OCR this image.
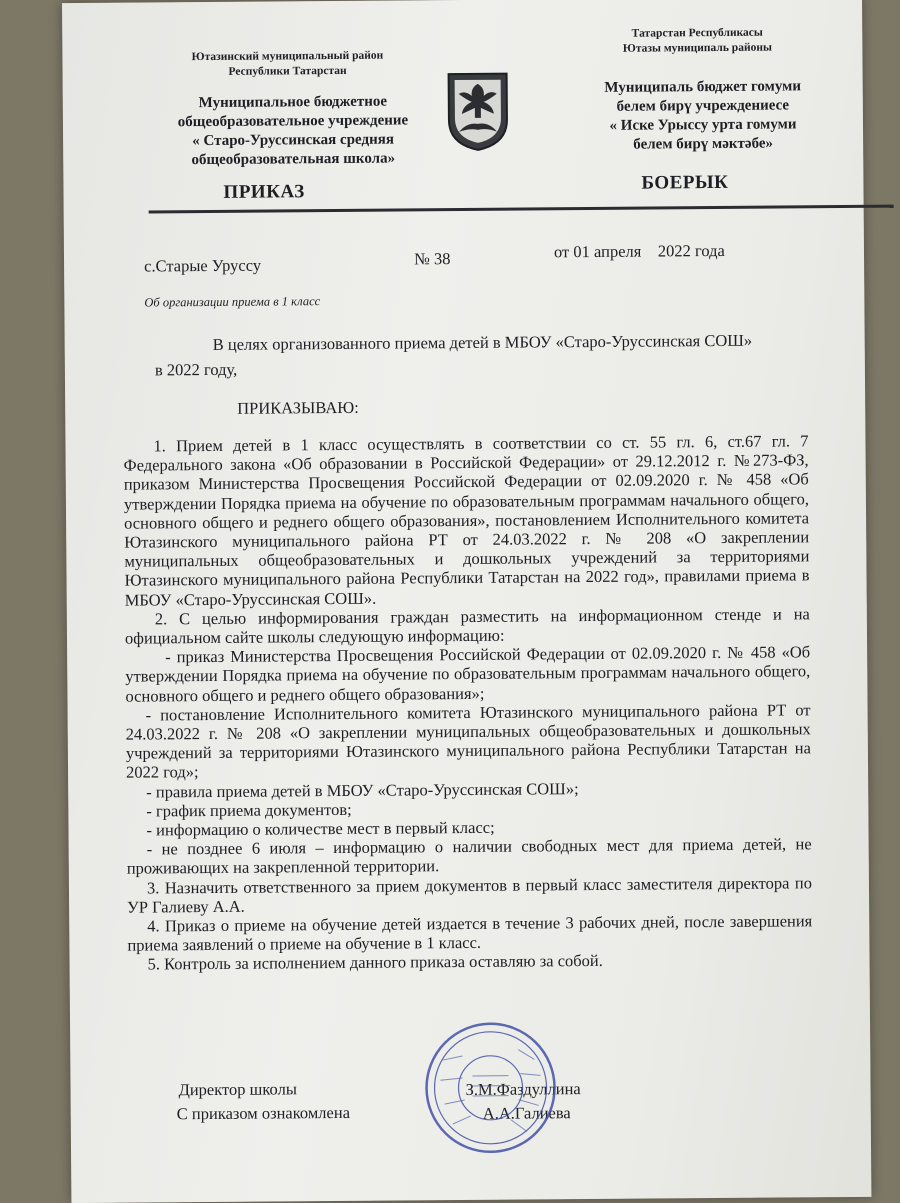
Ютазинский муниципальный район
Республики Татарстан
Муниципальное бюджетное
общеобразовательное учреждение
« Старо-Уруссинская средняя
общеобразовательная школа»
Татарстан Республикасы
Ютазы муниципаль районы
Муниципаль бюджет гомуми
белем бирү учреждениесе
« Иске Урыссу урта гомуми
белем бирү мәктәбе»
ПРИКАЗ	БОЕРЫК
с.Старые Уруссу	№ 38	от 01 апреля    2022 года
Об организации приема в 1 класс
В целях организованного приема детей в МБОУ «Старо-Уруссинская СОШ»
в 2022 году,
ПРИКАЗЫВАЮ:
1. Прием детей в 1 класс осуществлять в соответствии со ст. 55 гл. 6, ст.67 гл. 7 Федерального закона «Об образовании в Российской Федерации» от 29.12.2012 г. №273-ФЗ, приказом Министерства Просвещения Российской Федерации от 02.09.2020 г. № 458 «Об утверждении Порядка приема на обучение по образовательным программам начального общего, основного общего и реднего общего образования», постановлением Исполнительного комитета Ютазинского муниципального района РТ от 24.03.2022 г. № 208 «О закреплении муниципальных общеобразовательных и дошкольных учреждений за территориями Ютазинского муниципального района Республики Татарстан на 2022 год», правилами приема в МБОУ «Старо-Уруссинская СОШ».
2. С целью информирования граждан разместить на информационном стенде и на официальном сайте школы следующую информацию:
- приказ Министерства Просвещения Российской Федерации от 02.09.2020 г. № 458 «Об утверждении Порядка приема на обучение по образовательным программам начального общего, основного общего и реднего общего образования»;
- постановление Исполнительного комитета Ютазинского муниципального района РТ от 24.03.2022 г. № 208 «О закреплении муниципальных общеобразовательных и дошкольных учреждений за территориями Ютазинского муниципального района Республики Татарстан на 2022 год»;
- правила приема детей в МБОУ «Старо-Уруссинская СОШ»;
- график приема документов;
- информацию о количестве мест в первый класс;
- не позднее 6 июля – информацию о наличии свободных мест для приема детей, не проживающих на закрепленной территории.
3. Назначить ответственного за прием документов в первый класс заместителя директора по УР Галиеву А.А.
4. Приказ о приеме на обучение детей издается в течение 3 рабочих дней, после завершения приема заявлений о приеме на обучение в 1 класс.
5. Контроль за исполнением данного приказа оставляю за собой.
Директор школы	З.М.Фаздуллина
С приказом ознакомлена	А.А.Галиева
